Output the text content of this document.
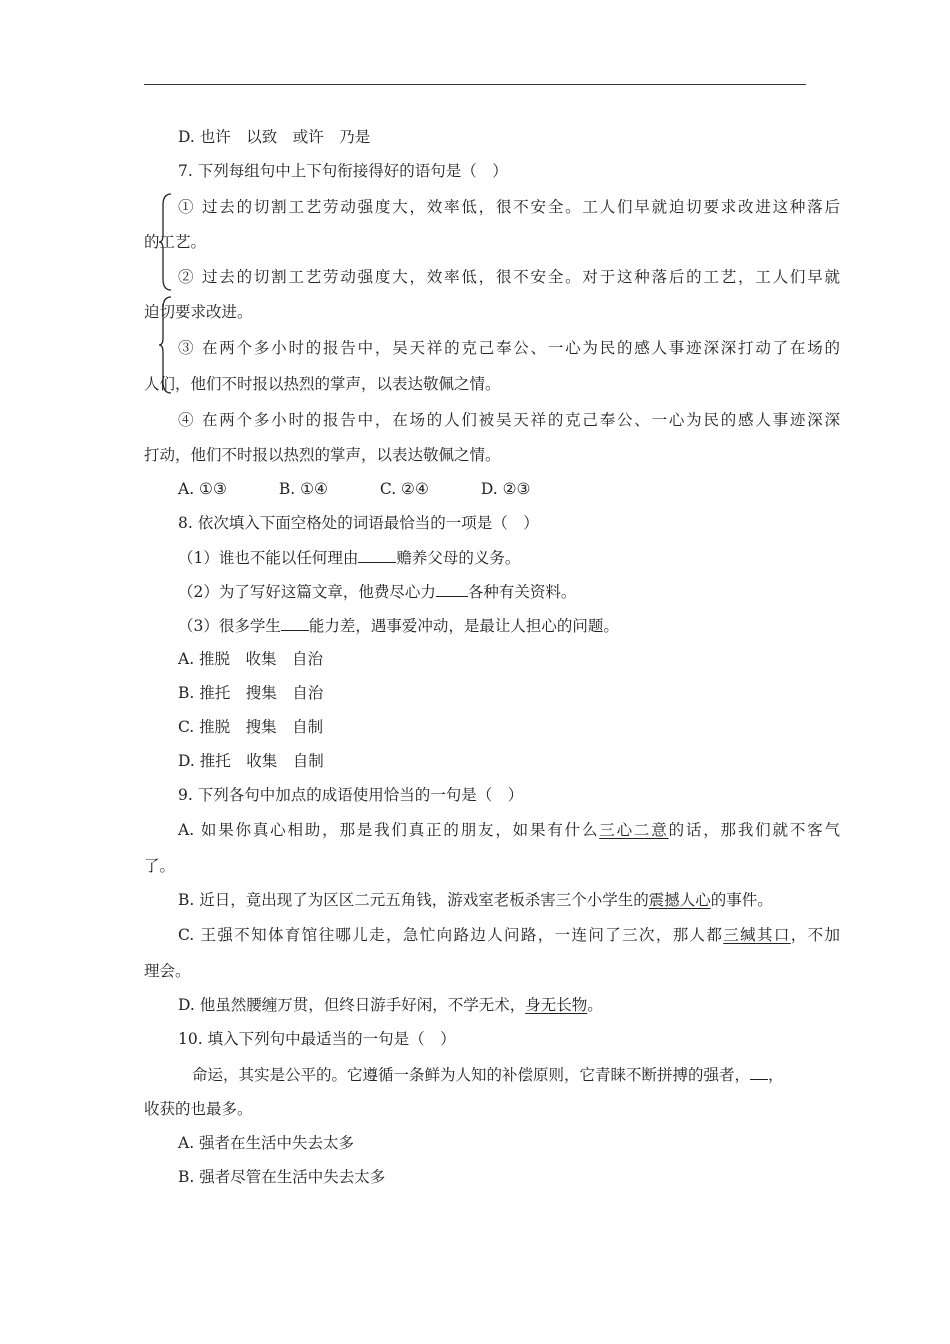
D. 也许　以致　或许　乃是
7. 下列每组句中上下句衔接得好的语句是（　）
① 过去的切割工艺劳动强度大，效率低，很不安全。工人们早就迫切要求改进这种落后
的工艺。
② 过去的切割工艺劳动强度大，效率低，很不安全。对于这种落后的工艺，工人们早就
迫切要求改进。
③ 在两个多小时的报告中，吴天祥的克己奉公、一心为民的感人事迹深深打动了在场的
人们，他们不时报以热烈的掌声，以表达敬佩之情。
④ 在两个多小时的报告中，在场的人们被吴天祥的克己奉公、一心为民的感人事迹深深
打动，他们不时报以热烈的掌声，以表达敬佩之情。
A. ①③	B. ①④	C. ②④	D. ②③
8. 依次填入下面空格处的词语最恰当的一项是（　）
（1）谁也不能以任何理由 赡养父母的义务。
（2）为了写好这篇文章，他费尽心力 各种有关资料。
（3）很多学生 能力差，遇事爱冲动，是最让人担心的问题。
A. 推脱　收集　自治
B. 推托　搜集　自治
C. 推脱　搜集　自制
D. 推托　收集　自制
9. 下列各句中加点的成语使用恰当的一句是（　）
A. 如果你真心相助，那是我们真正的朋友，如果有什么三心二意的话，那我们就不客气
了。
B. 近日，竟出现了为区区二元五角钱，游戏室老板杀害三个小学生的震撼人心的事件。
C. 王强不知体育馆往哪儿走，急忙向路边人问路，一连问了三次，那人都三缄其口，不加
理会。
D. 他虽然腰缠万贯，但终日游手好闲，不学无术，身无长物。
10. 填入下列句中最适当的一句是（　）
命运，其实是公平的。它遵循一条鲜为人知的补偿原则，它青睐不断拼搏的强者， ，
收获的也最多。
A. 强者在生活中失去太多
B. 强者尽管在生活中失去太多
